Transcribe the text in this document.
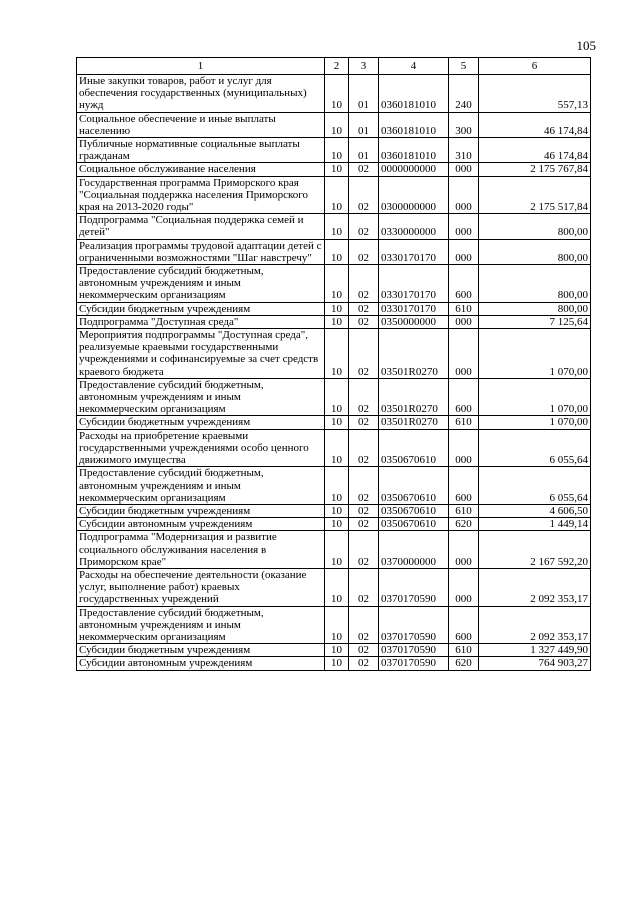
105
1	2	3	4	5	6
Иные закупки товаров, работ и услуг для обеспечения государственных (муниципальных) нужд	10	01	0360181010	240	557,13
Социальное обеспечение и иные выплаты населению	10	01	0360181010	300	46 174,84
Публичные нормативные социальные выплаты гражданам	10	01	0360181010	310	46 174,84
Социальное обслуживание населения	10	02	0000000000	000	2 175 767,84
Государственная программа Приморского края "Социальная поддержка населения Приморского края на 2013-2020 годы"	10	02	0300000000	000	2 175 517,84
Подпрограмма "Социальная поддержка семей и детей"	10	02	0330000000	000	800,00
Реализация программы трудовой адаптации детей с ограниченными возможностями "Шаг навстречу"	10	02	0330170170	000	800,00
Предоставление субсидий бюджетным, автономным учреждениям и иным некоммерческим организациям	10	02	0330170170	600	800,00
Субсидии бюджетным учреждениям	10	02	0330170170	610	800,00
Подпрограмма "Доступная среда"	10	02	0350000000	000	7 125,64
Мероприятия подпрограммы "Доступная среда", реализуемые краевыми государственными учреждениями и софинансируемые за счет средств краевого бюджета	10	02	03501R0270	000	1 070,00
Предоставление субсидий бюджетным, автономным учреждениям и иным некоммерческим организациям	10	02	03501R0270	600	1 070,00
Субсидии бюджетным учреждениям	10	02	03501R0270	610	1 070,00
Расходы на приобретение краевыми государственными учреждениями особо ценного движимого имущества	10	02	0350670610	000	6 055,64
Предоставление субсидий бюджетным, автономным учреждениям и иным некоммерческим организациям	10	02	0350670610	600	6 055,64
Субсидии бюджетным учреждениям	10	02	0350670610	610	4 606,50
Субсидии автономным учреждениям	10	02	0350670610	620	1 449,14
Подпрограмма "Модернизация и развитие социального обслуживания населения в Приморском крае"	10	02	0370000000	000	2 167 592,20
Расходы на обеспечение деятельности (оказание услуг, выполнение работ) краевых государственных учреждений	10	02	0370170590	000	2 092 353,17
Предоставление субсидий бюджетным, автономным учреждениям и иным некоммерческим организациям	10	02	0370170590	600	2 092 353,17
Субсидии бюджетным учреждениям	10	02	0370170590	610	1 327 449,90
Субсидии автономным учреждениям	10	02	0370170590	620	764 903,27
